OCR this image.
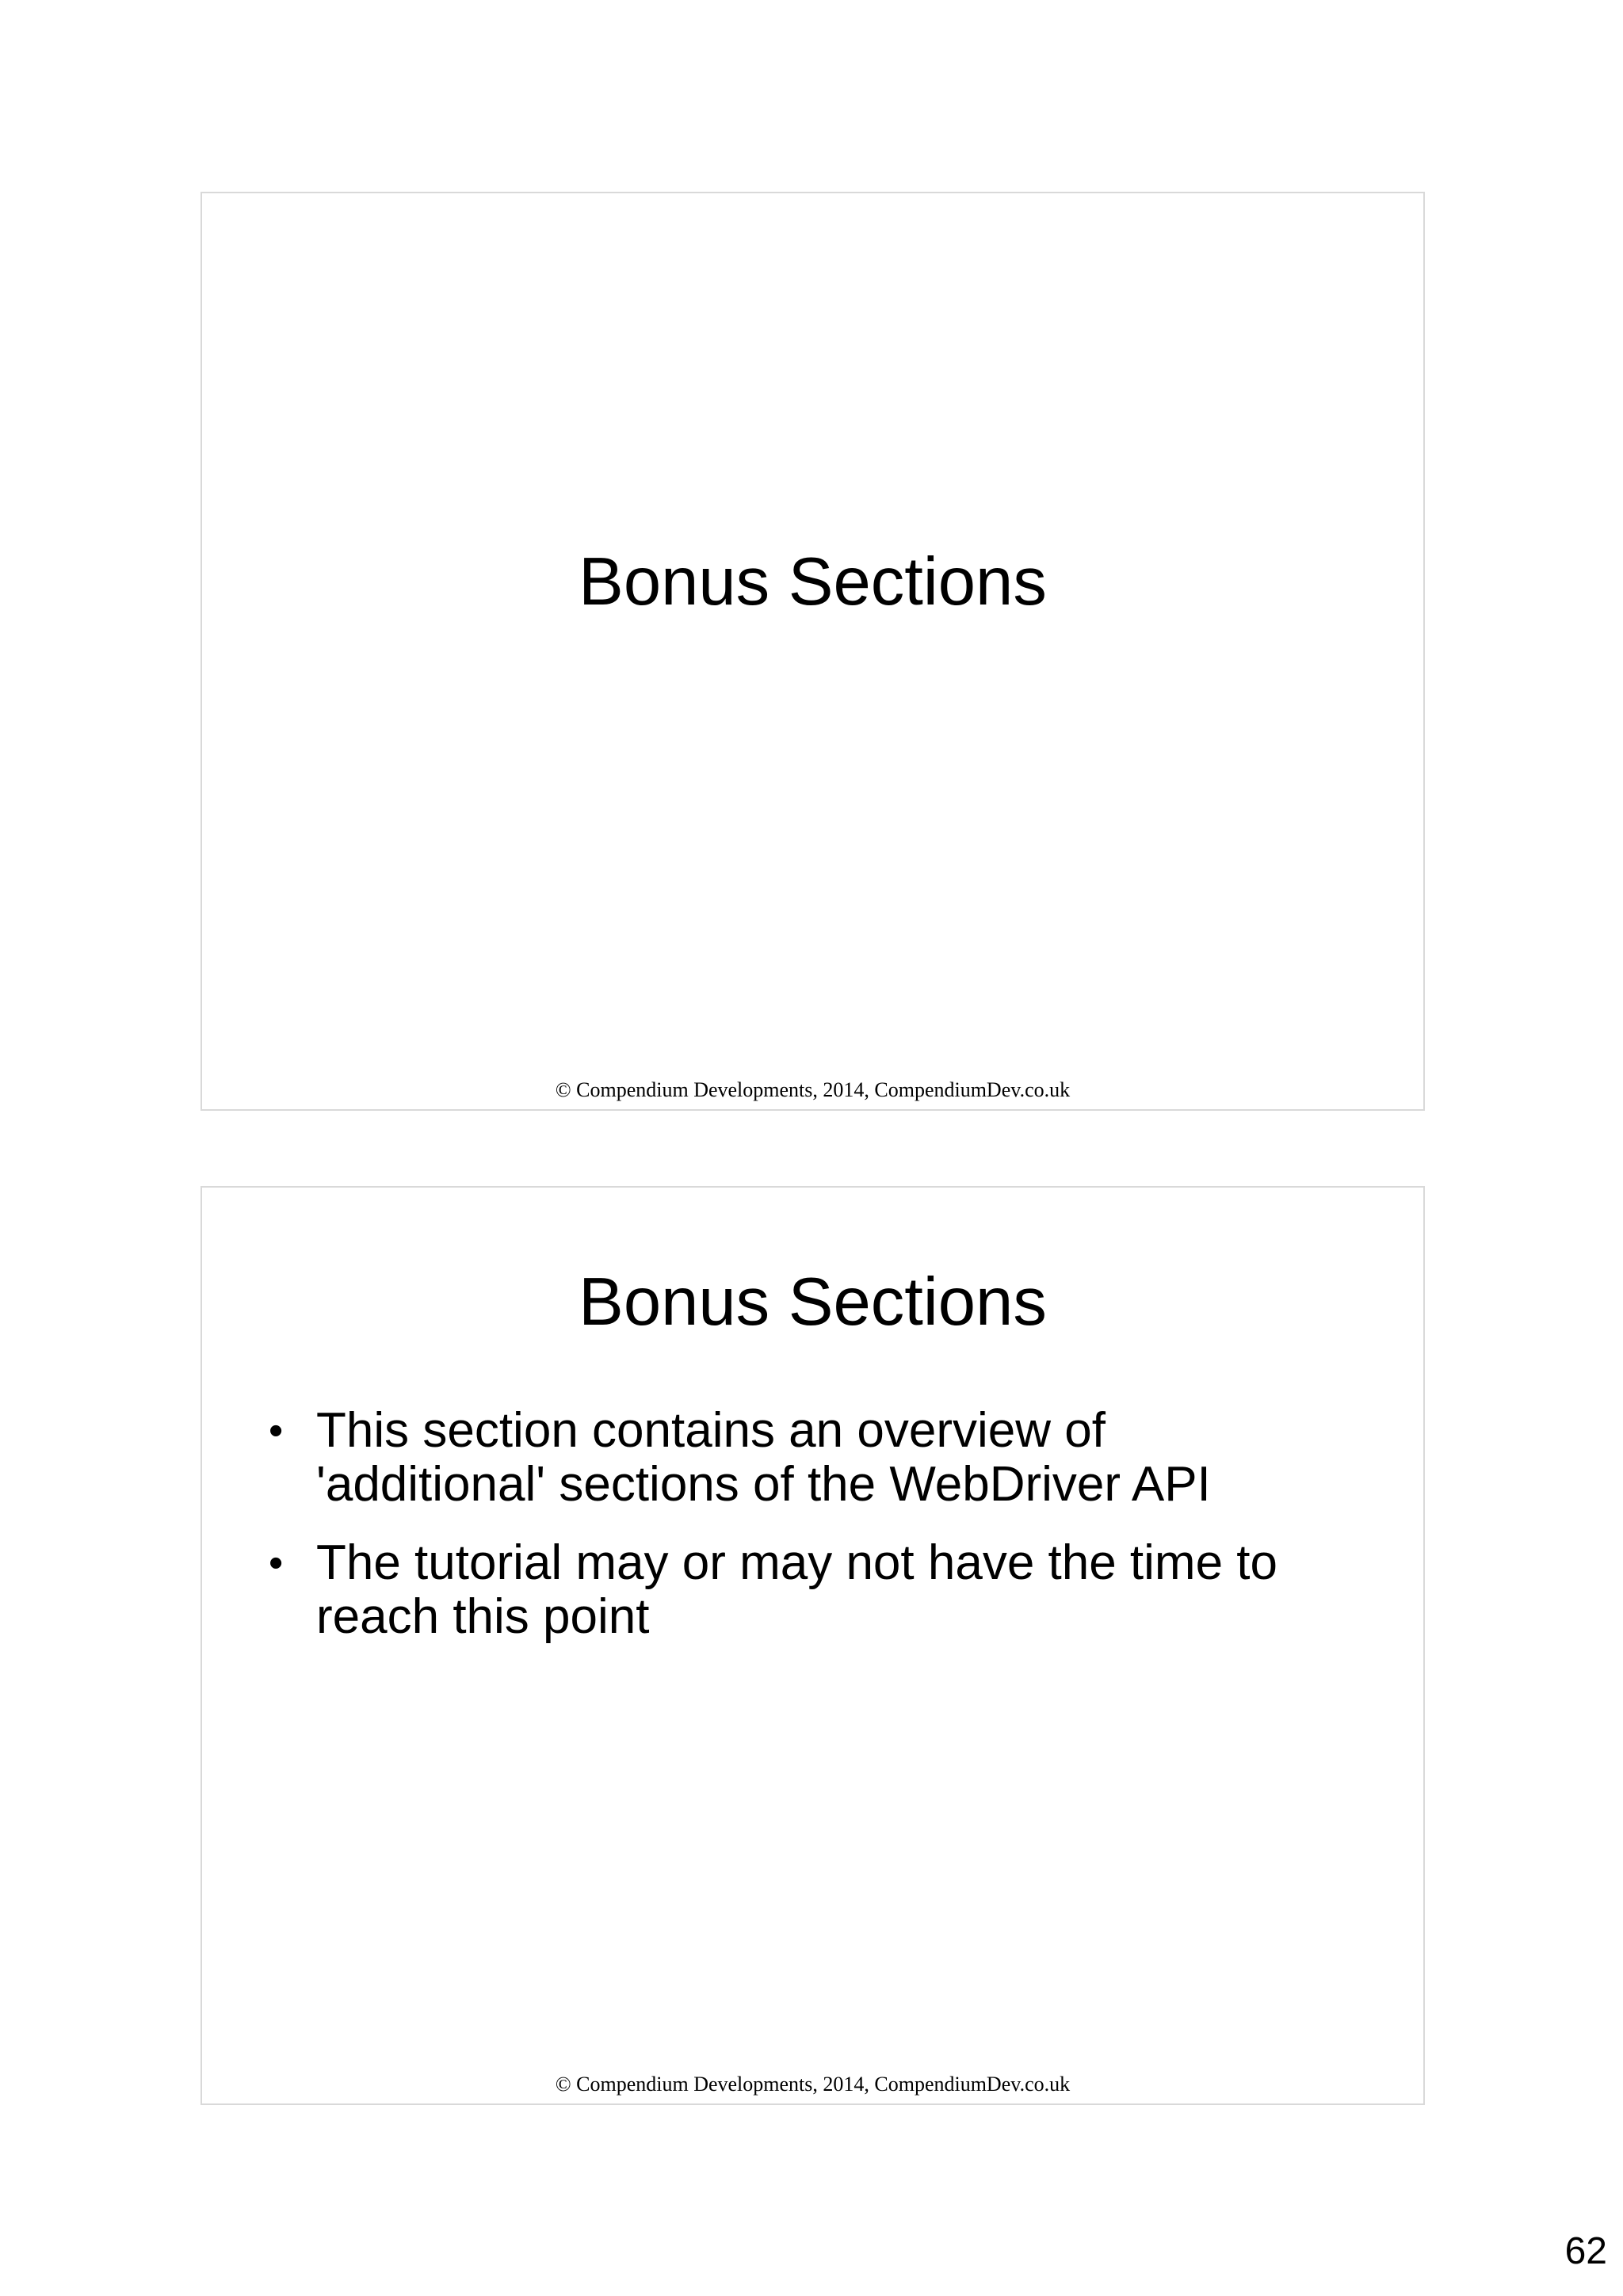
Bonus Sections
© Compendium Developments, 2014, CompendiumDev.co.uk
Bonus Sections
• This section contains an overview of
'additional' sections of the WebDriver API
• The tutorial may or may not have the time to
reach this point
© Compendium Developments, 2014, CompendiumDev.co.uk
62
